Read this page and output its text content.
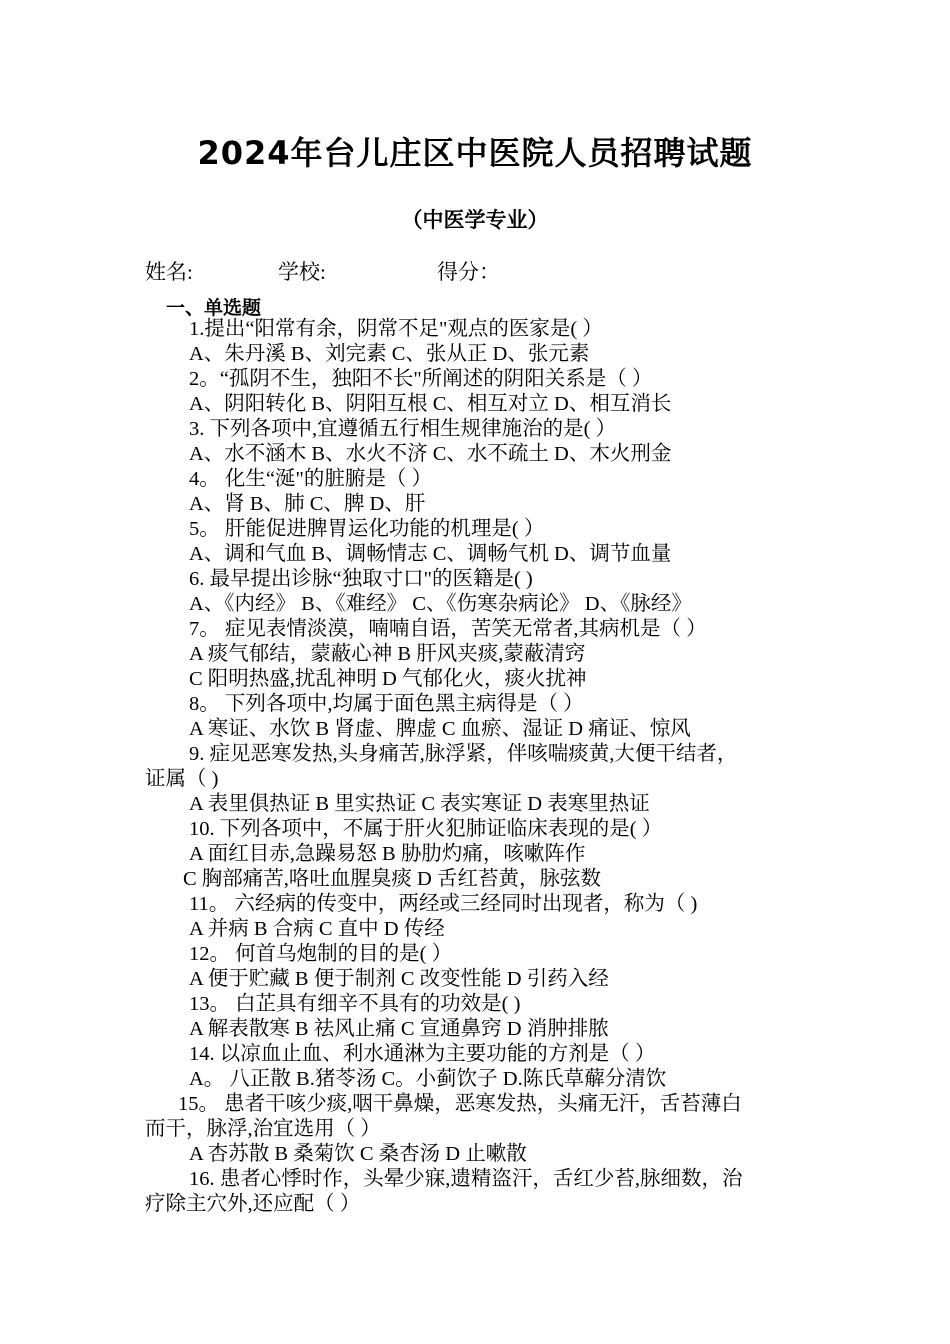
2024年台儿庄区中医院人员招聘试题
（中医学专业）
姓名:	学校:	得分：
一、单选题
1.提出“阳常有余，阴常不足"观点的医家是( ）
A、朱丹溪 B、刘完素 C、张从正 D、张元素
2。“孤阴不生，独阳不长"所阐述的阴阳关系是（ ）
A、阴阳转化 B、阴阳互根 C、相互对立 D、相互消长
3. 下列各项中,宜遵循五行相生规律施治的是( ）
A、水不涵木 B、水火不济 C、水不疏土 D、木火刑金
4。 化生“涎"的脏腑是（ ）
A、肾 B、肺 C、脾 D、肝
5。 肝能促进脾胃运化功能的机理是( ）
A、调和气血 B、调畅情志 C、调畅气机 D、调节血量
6. 最早提出诊脉“独取寸口"的医籍是( )
A、《内经》 B、《难经》 C、《伤寒杂病论》 D、《脉经》
7。 症见表情淡漠，喃喃自语，苦笑无常者,其病机是（ ）
A 痰气郁结，蒙蔽心神 B 肝风夹痰,蒙蔽清窍
C 阳明热盛,扰乱神明 D 气郁化火，痰火扰神
8。 下列各项中,均属于面色黑主病得是（ ）
A 寒证、水饮 B 肾虚、脾虚 C 血瘀、湿证 D 痛证、惊风
9. 症见恶寒发热,头身痛苦,脉浮紧，伴咳喘痰黄,大便干结者，
证属（ )
A 表里俱热证 B 里实热证 C 表实寒证 D 表寒里热证
10. 下列各项中，不属于肝火犯肺证临床表现的是( ）
A 面红目赤,急躁易怒 B 胁肋灼痛，咳嗽阵作
C 胸部痛苦,咯吐血腥臭痰 D 舌红苔黄，脉弦数
11。 六经病的传变中，两经或三经同时出现者，称为（ )
A 并病 B 合病 C 直中 D 传经
12。 何首乌炮制的目的是( ）
A 便于贮藏 B 便于制剂 C 改变性能 D 引药入经
13。 白芷具有细辛不具有的功效是( )
A 解表散寒 B 祛风止痛 C 宣通鼻窍 D 消肿排脓
14. 以凉血止血、利水通淋为主要功能的方剂是（ ）
A。 八正散 B.猪苓汤 C。小蓟饮子 D.陈氏草薢分清饮
15。 患者干咳少痰,咽干鼻燥，恶寒发热，头痛无汗，舌苔薄白
而干，脉浮,治宜选用（ ）
A 杏苏散 B 桑菊饮 C 桑杏汤 D 止嗽散
16. 患者心悸时作，头晕少寐,遗精盗汗，舌红少苔,脉细数，治
疗除主穴外,还应配（ ）
